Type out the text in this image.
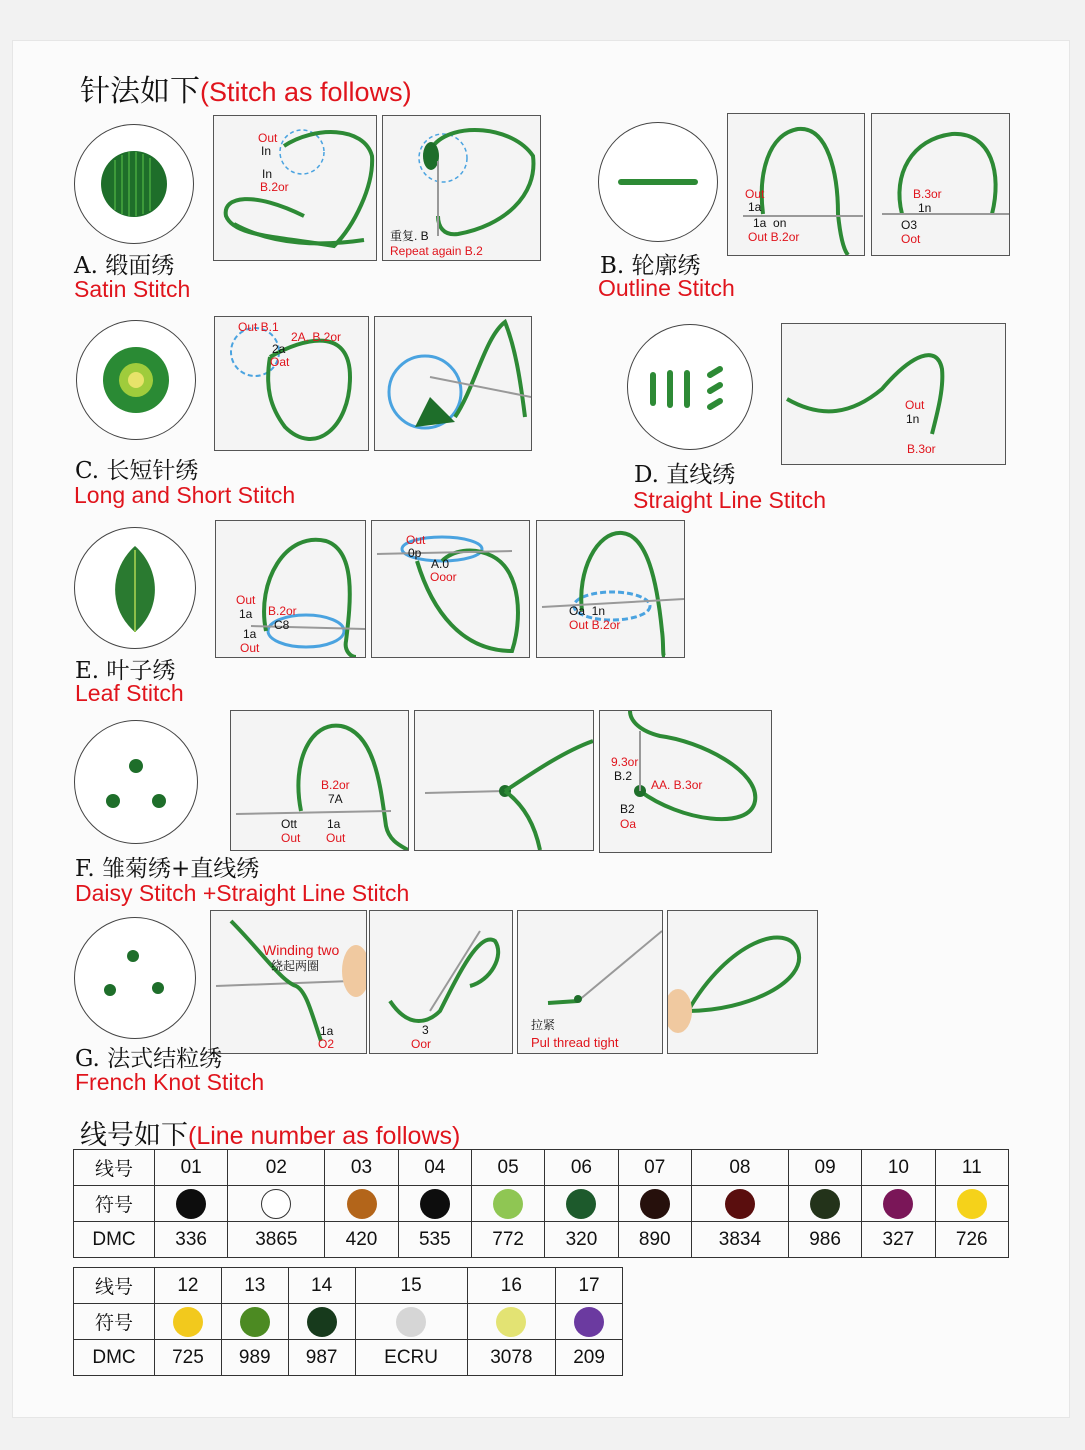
针法如下(Stitch as follows)
Out
In
In
B.2or
重复. B
Repeat again B.2
A. 缎面绣
Satin Stitch
Out
1a
1a  on
Out B.2or
B.3or
1n
O3
Oot
B. 轮廓绣
Outline Stitch
Out B.1
2A. B.2or
2a
Oat
C. 长短针绣
Long and Short Stitch
Out
1n
B.3or
D. 直线绣
Straight Line Stitch
Out
1a B.2or
C8
1a
Out
Out
0p
A.0
Ooor
Oa  1n
Out B.2or
E. 叶子绣
Leaf Stitch
B.2or
7A
Ott 1a
Out Out
9.3or
B.2
AA. B.3or
B2
Oa
F. 雏菊绣+直线绣
Daisy Stitch +Straight Line Stitch
Winding two
绕起两圈
1a
O2
3
Oor
拉紧
Pul thread tight
G. 法式结粒绣
French Knot Stitch
线号如下(Line number as follows)
线号	01	02	03	04	05	06	07	08	09	10	11
符号											
DMC	336	3865	420	535	772	320	890	3834	986	327	726
线号	12	13	14	15	16	17
符号						
DMC	725	989	987	ECRU	3078	209
